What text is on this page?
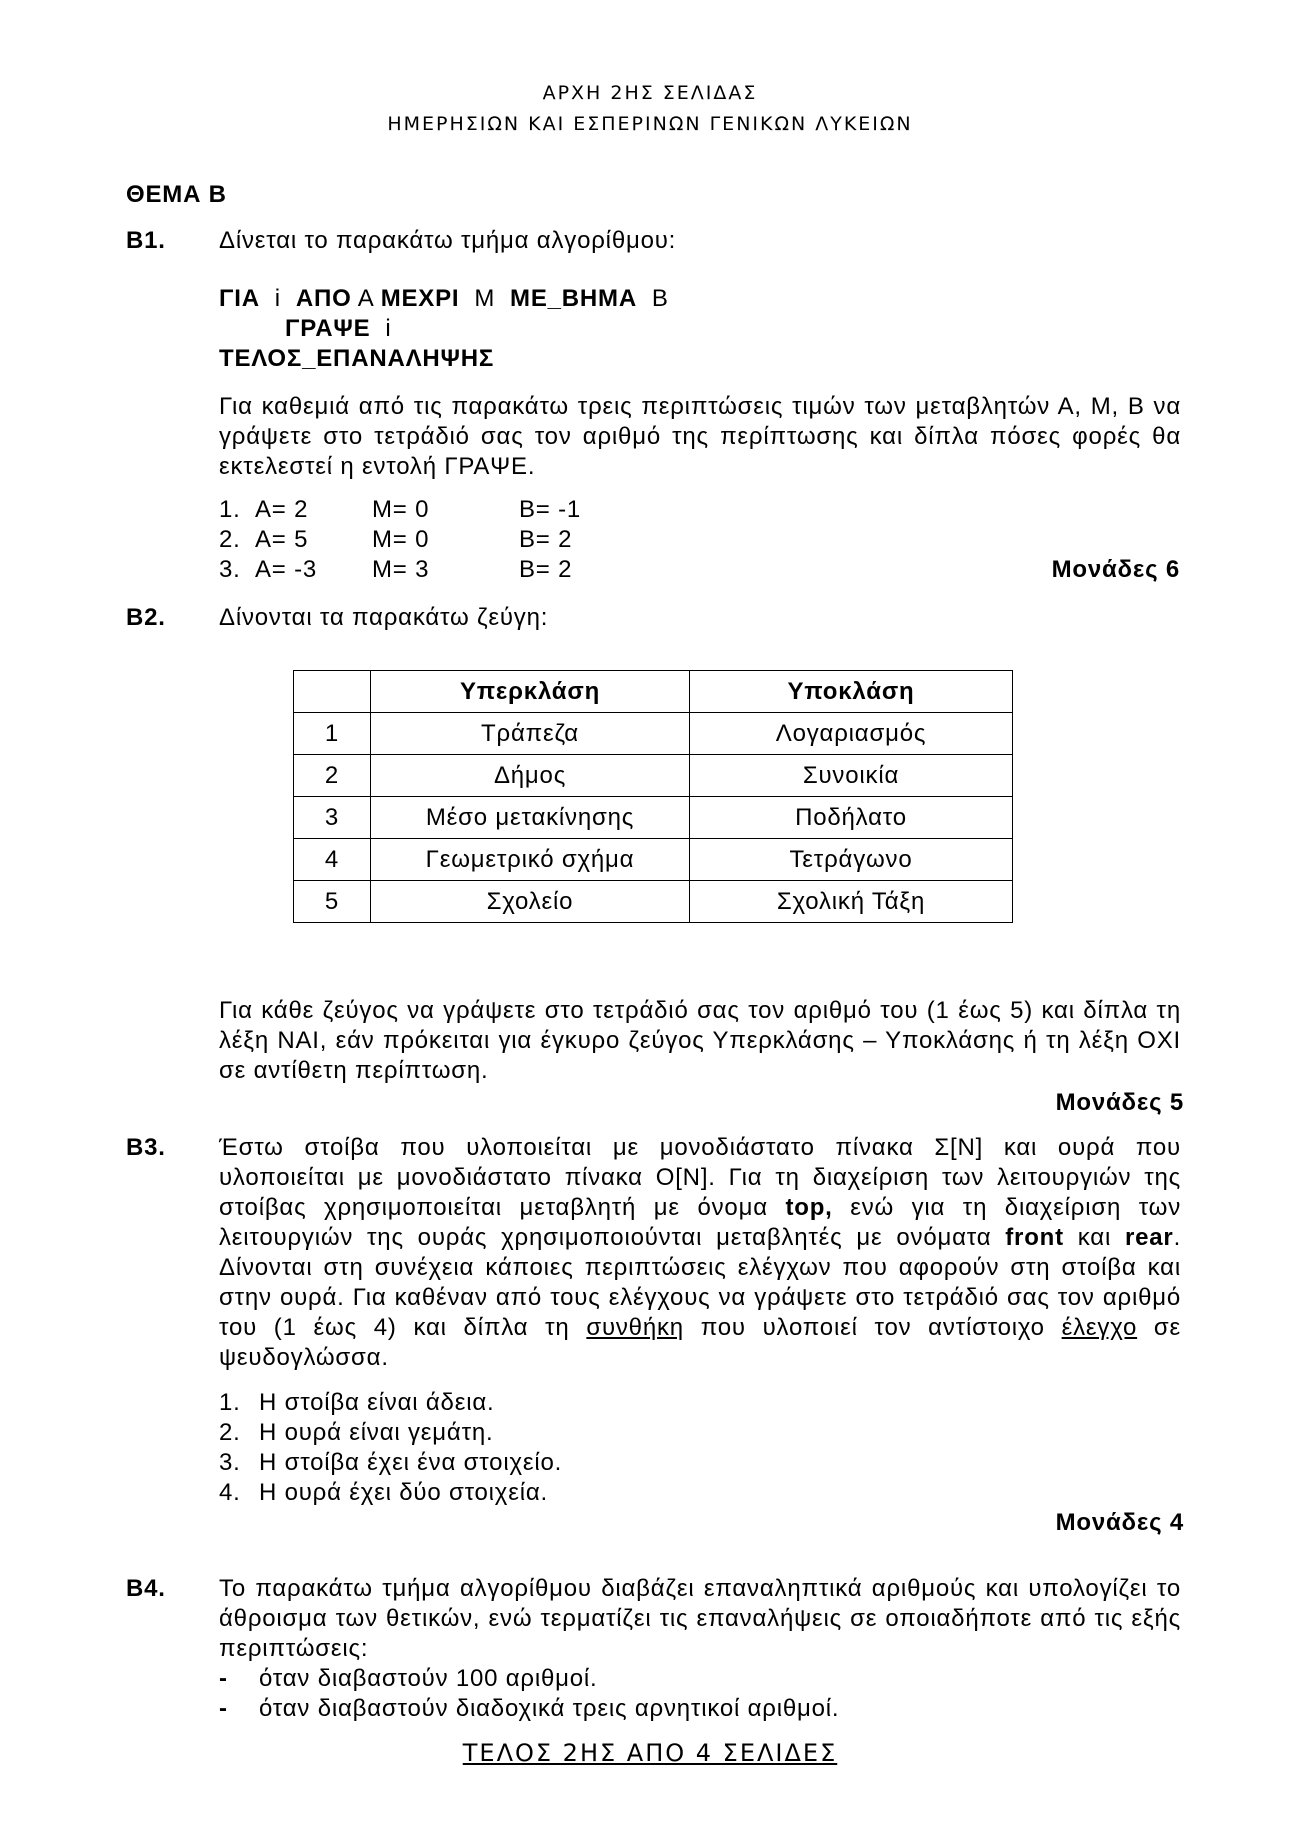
ΑΡΧΗ 2ΗΣ ΣΕΛΙΔΑΣ
ΗΜΕΡΗΣΙΩΝ ΚΑΙ ΕΣΠΕΡΙΝΩΝ ΓΕΝΙΚΩΝ ΛΥΚΕΙΩΝ
ΘΕΜΑ Β
Β1. Δίνεται το παρακάτω τμήμα αλγορίθμου:
ΓΙΑ i ΑΠΟ Α ΜΕΧΡΙ Μ ΜΕ_ΒΗΜΑ Β
ΓΡΑΨΕ i
ΤΕΛΟΣ_ΕΠΑΝΑΛΗΨΗΣ
Για καθεμιά από τις παρακάτω τρεις περιπτώσεις τιμών των μεταβλητών Α, Μ, Β να γράψετε στο τετράδιό σας τον αριθμό της περίπτωσης και δίπλα πόσες φορές θα εκτελεστεί η εντολή ΓΡΑΨΕ.
1. Α= 2	Μ= 0	Β= -1
2. Α= 5	Μ= 0	Β= 2
3. Α= -3 Μ= 3	Β= 2	Μονάδες 6
Β2. Δίνονται τα παρακάτω ζεύγη:
	Υπερκλάση	Υποκλάση
1	Τράπεζα	Λογαριασμός
2	Δήμος	Συνοικία
3	Μέσο μετακίνησης	Ποδήλατο
4	Γεωμετρικό σχήμα	Τετράγωνο
5	Σχολείο	Σχολική Τάξη
Για κάθε ζεύγος να γράψετε στο τετράδιό σας τον αριθμό του (1 έως 5) και δίπλα τη λέξη ΝΑΙ, εάν πρόκειται για έγκυρο ζεύγος Υπερκλάσης – Υποκλάσης ή τη λέξη ΟΧΙ σε αντίθετη περίπτωση.
Μονάδες 5
Β3. Έστω στοίβα που υλοποιείται με μονοδιάστατο πίνακα Σ[Ν] και ουρά που υλοποιείται με μονοδιάστατο πίνακα Ο[Ν]. Για τη διαχείριση των λειτουργιών της στοίβας χρησιμοποιείται μεταβλητή με όνομα top, ενώ για τη διαχείριση των λειτουργιών της ουράς χρησιμοποιούνται μεταβλητές με ονόματα front και rear. Δίνονται στη συνέχεια κάποιες περιπτώσεις ελέγχων που αφορούν στη στοίβα και στην ουρά. Για καθέναν από τους ελέγχους να γράψετε στο τετράδιό σας τον αριθμό του (1 έως 4) και δίπλα τη συνθήκη που υλοποιεί τον αντίστοιχο έλεγχο σε ψευδογλώσσα.
1. Η στοίβα είναι άδεια.
2. Η ουρά είναι γεμάτη.
3. Η στοίβα έχει ένα στοιχείο.
4. Η ουρά έχει δύο στοιχεία.
Μονάδες 4
Β4. Το παρακάτω τμήμα αλγορίθμου διαβάζει επαναληπτικά αριθμούς και υπολογίζει το άθροισμα των θετικών, ενώ τερματίζει τις επαναλήψεις σε οποιαδήποτε από τις εξής περιπτώσεις:
- όταν διαβαστούν 100 αριθμοί.
- όταν διαβαστούν διαδοχικά τρεις αρνητικοί αριθμοί.
ΤΕΛΟΣ 2ΗΣ ΑΠΟ 4 ΣΕΛΙΔΕΣ
